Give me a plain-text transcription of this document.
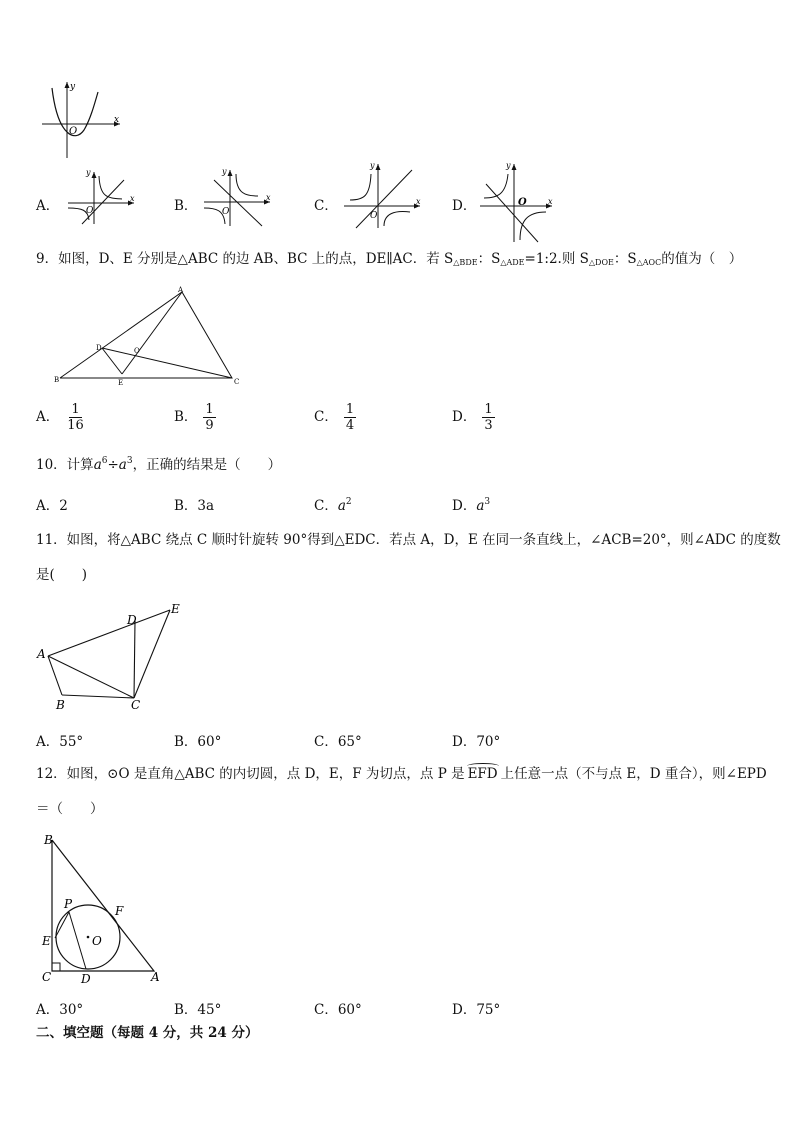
y
x
O
A．
y
x
O	B．
y
x
O	C．
y
x
O
D．
y
x
O
9．如图，D、E 分别是△ABC 的边 AB、BC 上的点，DE∥AC．若 $S_{\triangle BDE}$：$S_{\triangle ADE}=1:2$.则 $S_{\triangle DOE}$：$S_{\triangle AOC}$的值为（　）
A
B	C
D
E
O
A． $\frac{1}{16}$	B． $\frac{1}{9}$	C． $\frac{1}{4}$	D． $\frac{1}{3}$
10．计算$a^6\div a^3$，正确的结果是（　　）
A．2	B．3a	C．$a^2$	D．$a^3$
11．如图，将△ABC 绕点 C 顺时针旋转 90°得到△EDC．若点 A，D，E 在同一条直线上，∠ACB=20°，则∠ADC 的度数
是(　　)
A
B	C
D
E
A．55°	B．60°	C．65°	D．70°
12．如图，⊙O 是直角△ABC 的内切圆，点 D，E，F 为切点，点 P 是 EFD 上任意一点（不与点 E，D 重合），则∠EPD
＝（　　）
B
C	A
D
E
F
P
O
A．30°	B．45°	C．60°	D．75°
二、填空题（每题 4 分，共 24 分）
